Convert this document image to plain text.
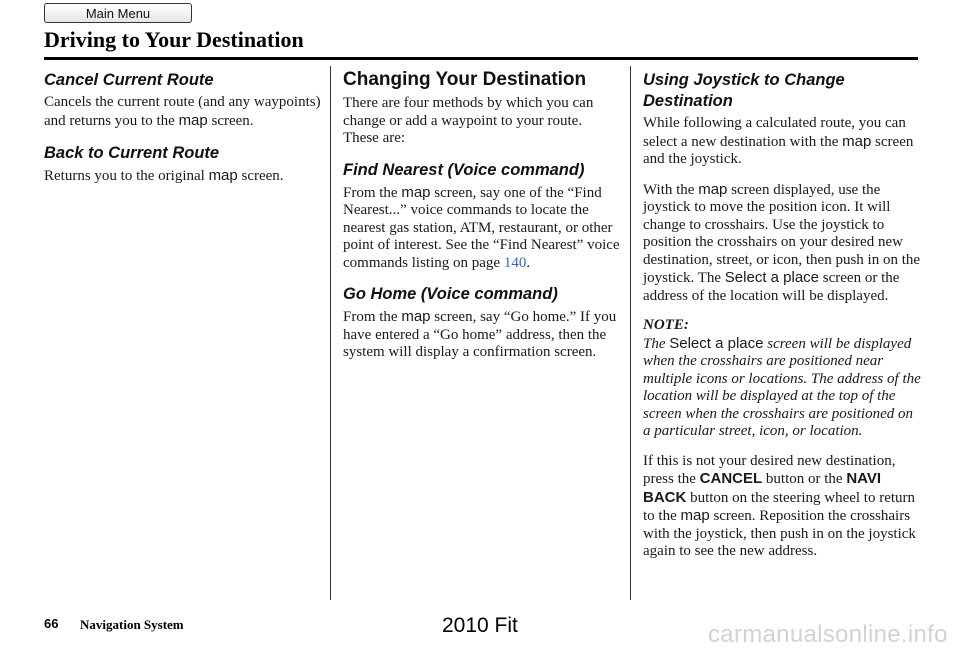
Main Menu
Driving to Your Destination
Cancel Current Route

Cancels the current route (and any waypoints) and returns you to the map screen.

Back to Current Route

Returns you to the original map screen.

Changing Your Destination

There are four methods by which you can change or add a waypoint to your route. These are:

Find Nearest (Voice command)

From the map screen, say one of the “Find Nearest...” voice commands to locate the nearest gas station, ATM, restaurant, or other point of interest. See the “Find Nearest” voice commands listing on page 140.

Go Home (Voice command)

From the map screen, say “Go home.” If you have entered a “Go home” address, then the system will display a confirmation screen.

Using Joystick to Change Destination

While following a calculated route, you can select a new destination with the map screen and the joystick.

With the map screen displayed, use the joystick to move the position icon. It will change to crosshairs. Use the joystick to position the crosshairs on your desired new destination, street, or icon, then push in on the joystick. The Select a place screen or the address of the location will be displayed.

NOTE:

The Select a place screen will be displayed when the crosshairs are positioned near multiple icons or locations. The address of the location will be displayed at the top of the screen when the crosshairs are positioned on a particular street, icon, or location.

If this is not your desired new destination, press the CANCEL button or the NAVI BACK button on the steering wheel to return to the map screen. Reposition the crosshairs with the joystick, then push in on the joystick again to see the new address.

66 Navigation System	2010 Fit	carmanualsonline.info
